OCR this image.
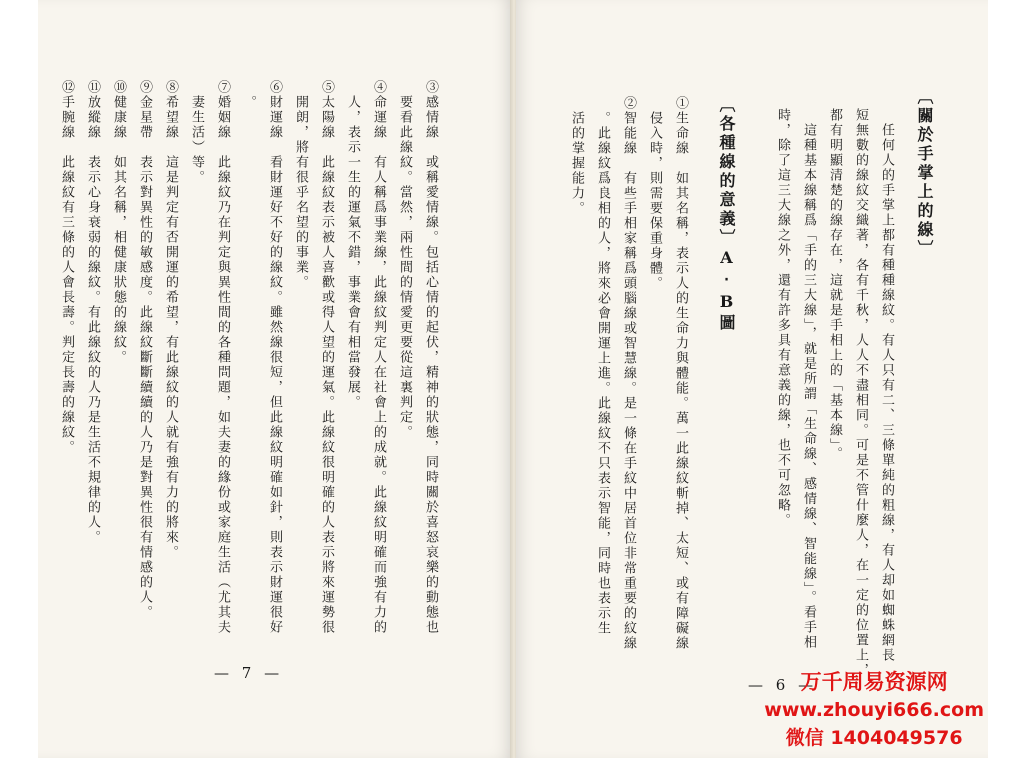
〔關於手掌上的線〕
　任何人的手掌上都有種種線紋。有人只有二、三條單純的粗線，有人却如蜘蛛網長
短無數的線紋交織著，各有千秋，人人不盡相同。可是不管什麼人，在一定的位置上，
都有明顯清楚的線存在，這就是手相上的「基本線」。
　這種基本線稱爲「手的三大線」，就是所謂「生命線、感情線、智能線」。看手相
時，除了這三大線之外，還有許多具有意義的線，也不可忽略。
〔各種線的意義〕A‧B圖
①生命線　如其名稱，表示人的生命力與體能。萬一此線紋斬掉、太短、或有障礙線
　侵入時，則需要保重身體。
②智能線　有些手相家稱爲頭腦線或智慧線。是一條在手紋中居首位非常重要的紋線
　。此線紋爲良相的人，將來必會開運上進。此線紋不只表示智能，同時也表示生
　活的掌握能力。
— 6 —
③感情線　或稱愛情線。包括心情的起伏，精神的狀態，同時關於喜怒哀樂的動態也
　要看此線紋。當然，兩性間的情愛更要從這裏判定。
④命運線　有人稱爲事業線，此線紋判定人在社會上的成就。此線紋明確而強有力的
　人，表示一生的運氣不錯，事業會有相當發展。
⑤太陽線　此線紋表示被人喜歡或得人望的運氣。此線紋很明確的人表示將來運勢很
　開朗，將有很乎名望的事業。
⑥財運線　看財運好不好的線紋。雖然線很短，但此線紋明確如針，則表示財運很好
　。
⑦婚姻線　此線紋乃在判定與異性間的各種問題，如夫妻的緣份或家庭生活（尤其夫
　妻生活）等。
⑧希望線　這是判定有否開運的希望，有此線紋的人就有強有力的將來。
⑨金星帶　表示對異性的敏感度。此線紋斷斷續續的人乃是對異性很有情感的人。
⑩健康線　如其名稱，相健康狀態的線紋。
⑪放縱線　表示心身衰弱的線紋。有此線紋的人乃是生活不規律的人。
⑫手腕線　此線紋有三條的人會長壽。判定長壽的線紋。
— 7 —	万千周易资源网
www.zhouyi666.com
微信 1404049576
